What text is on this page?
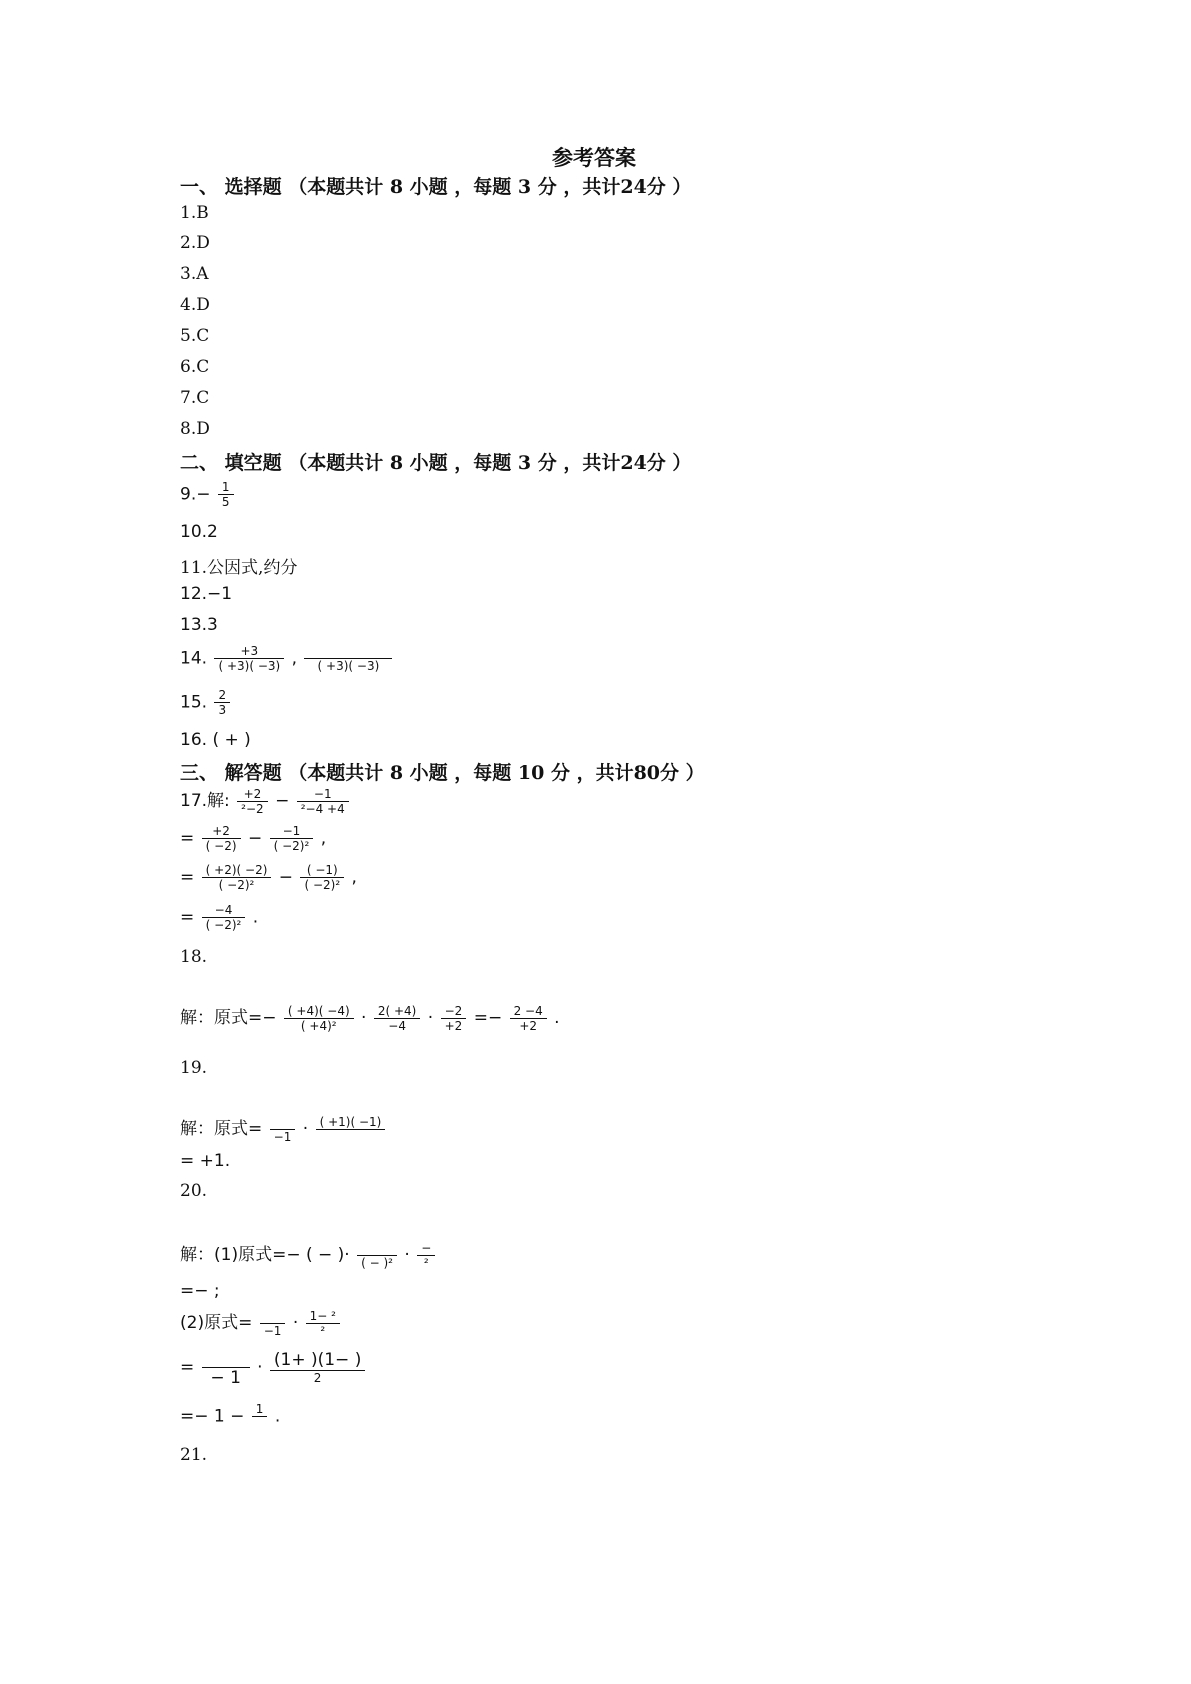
参考答案
一、 选择题 （本题共计 8 小题 ，每题 3 分 ，共计24分 ）
1.B
2.D
3.A
4.D
5.C
6.C
7.C
8.D
二、 填空题 （本题共计 8 小题 ，每题 3 分 ，共计24分 ）
$9.- \frac{1}{5}$
10.2
11.公因式,约分
12.−1
13.3
14. $\frac{+3}{( +3)( -3)}$ ,
	( +3)( −3)
15. $\frac{2}{3}$
16. ( + )
三、 解答题 （本题共计 8 小题 ，每题 10 分 ，共计80分 ）
17.解: $\frac{+2}{\text{²−2}} - \frac{-1}{\text{²−4 +4}}$
= $\frac{+2}{( -2)} - \frac{-1}{\text{( −2)²}}$ ,
= $\frac{( +2)( -2)}{\text{( −2)²}} - \frac{( -1)}{\text{( −2)²}}$ ,
= $\frac{-4}{\text{( −2)²}}$ .
18.
解：原式=− $\frac{( +4)( -4)}{\text{( +4)²}} \cdot \frac{2( +4)}{-4} \cdot \frac{-2}{+2} =- \frac{2 -4}{+2}$ .
19.
解：原式=
−1 · ( +1)( −1)

= +1.
20.
解：(1)原式=− ( − )·
( − )$^2 \cdot \frac{-}{\text{²}}$
=− ;
(2)原式=
$-1 \cdot \frac{\text{1− ²}}{\text{²}}$
=

− 1
· $\frac{(1+ )(1- )}{2}$
=− 1 − 1
.
21.
